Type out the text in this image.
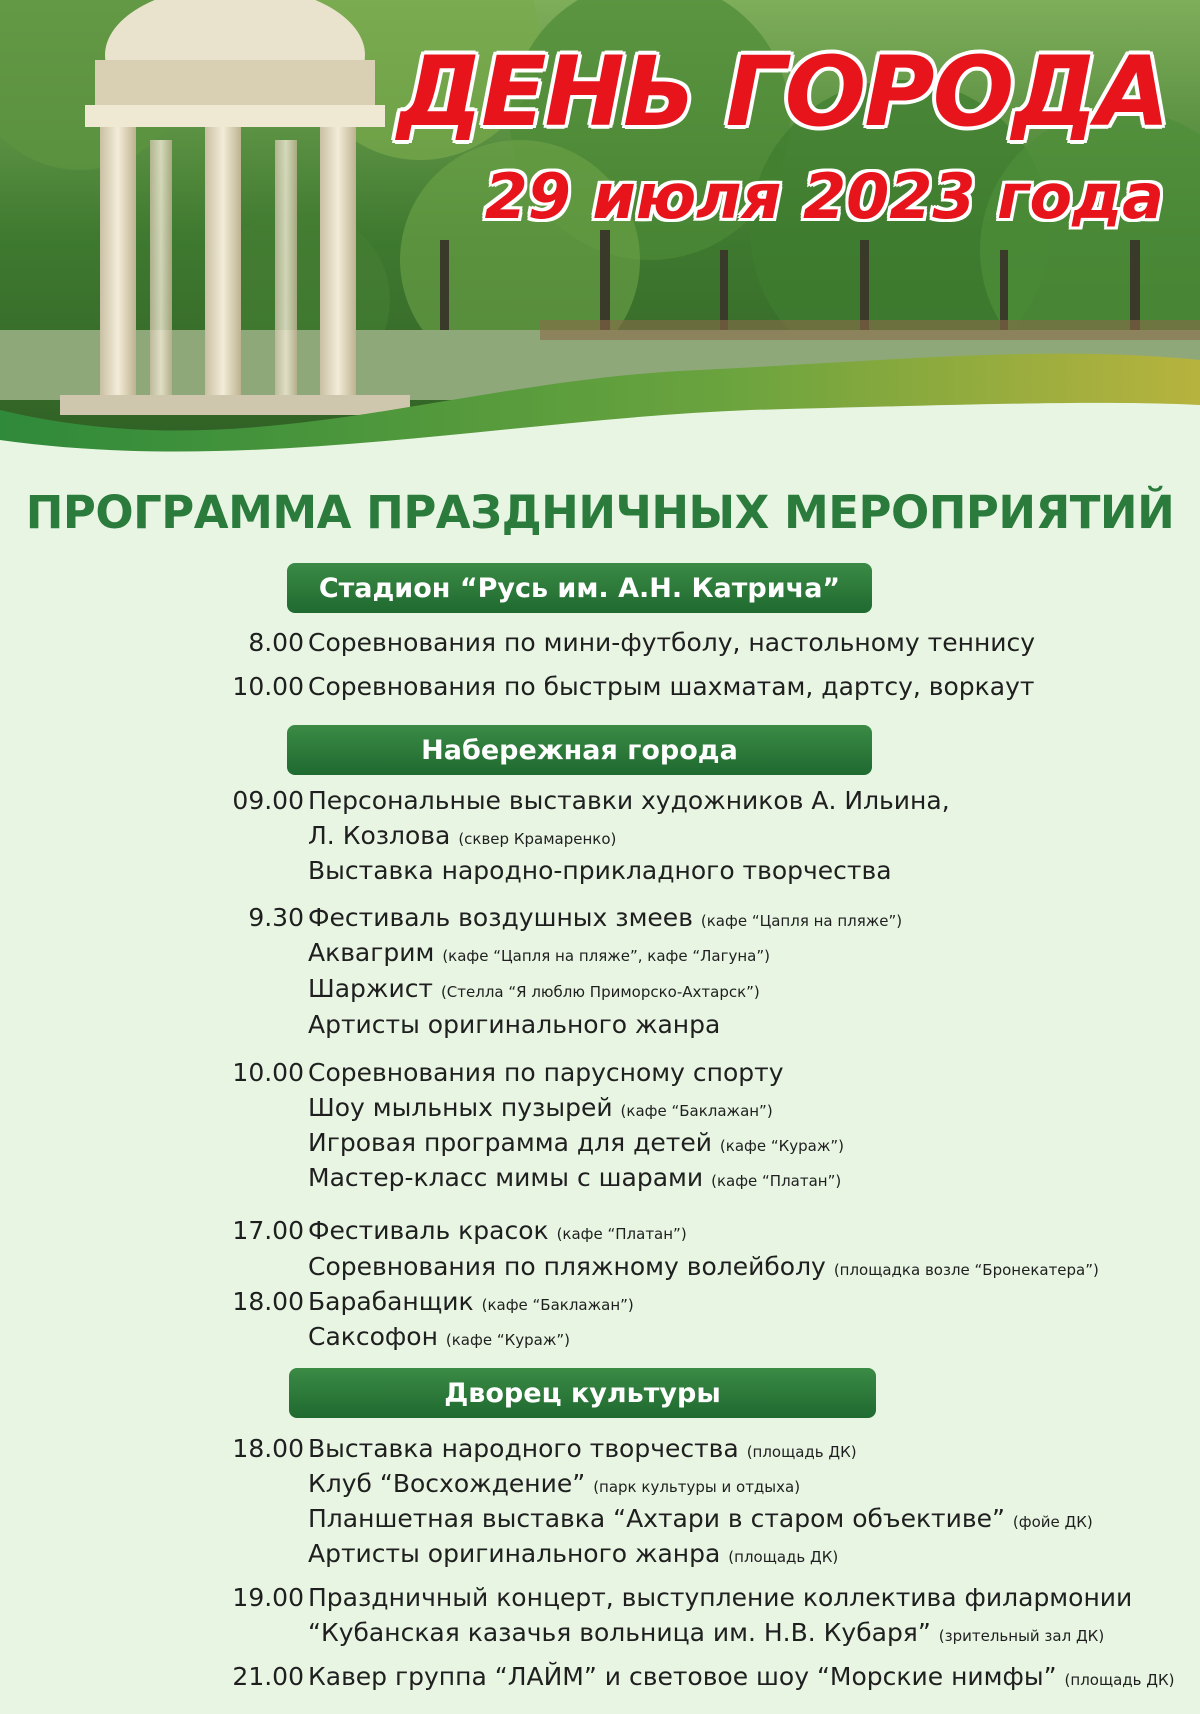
ДЕНЬ ГОРОДА
29 июля 2023 года
ПРОГРАММА ПРАЗДНИЧНЫХ МЕРОПРИЯТИЙ
Стадион “Русь им. А.Н. Катрича”
8.00 Соревнования по мини-футболу, настольному теннису
10.00 Соревнования по быстрым шахматам, дартсу, воркаут
Набережная города
09.00 Персональные выставки художников А. Ильина,
Л. Козлова (сквер Крамаренко)
Выставка народно-прикладного творчества
9.30 Фестиваль воздушных змеев (кафе “Цапля на пляже”)
Аквагрим (кафе “Цапля на пляже”, кафе “Лагуна”)
Шаржист (Стелла “Я люблю Приморско-Ахтарск”)
Артисты оригинального жанра
10.00 Соревнования по парусному спорту
Шоу мыльных пузырей (кафе “Баклажан”)
Игровая программа для детей (кафе “Кураж”)
Мастер-класс мимы с шарами (кафе “Платан”)
17.00 Фестиваль красок (кафе “Платан”)
Соревнования по пляжному волейболу (площадка возле “Бронекатера”)
18.00 Барабанщик (кафе “Баклажан”)
Саксофон (кафе “Кураж”)
Дворец культуры
18.00 Выставка народного творчества (площадь ДК)
Клуб “Восхождение” (парк культуры и отдыха)
Планшетная выставка “Ахтари в старом объективе” (фойе ДК)
Артисты оригинального жанра (площадь ДК)
19.00 Праздничный концерт, выступление коллектива филармонии
“Кубанская казачья вольница им. Н.В. Кубаря” (зрительный зал ДК)
21.00 Кавер группа “ЛАЙМ” и световое шоу “Морские нимфы” (площадь ДК)
